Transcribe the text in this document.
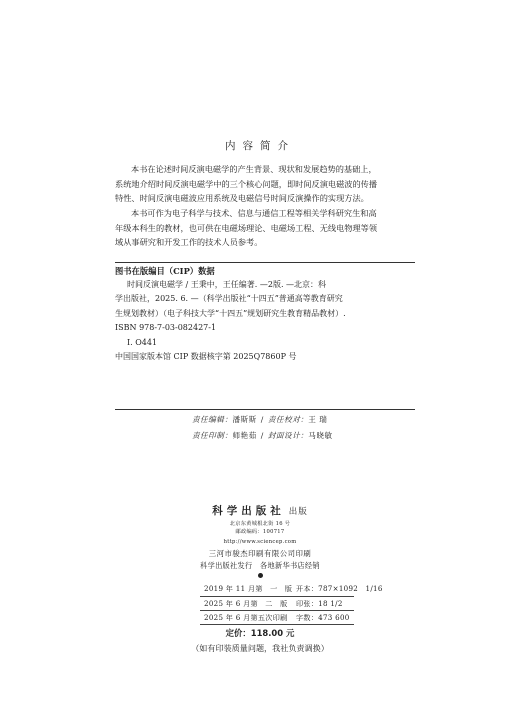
内容简介
本书在论述时间反演电磁学的产生背景、现状和发展趋势的基础上，
系统地介绍时间反演电磁学中的三个核心问题，即时间反演电磁波的传播
特性、时间反演电磁波应用系统及电磁信号时间反演操作的实现方法。
本书可作为电子科学与技术、信息与通信工程等相关学科研究生和高
年级本科生的教材，也可供在电磁场理论、电磁场工程、无线电物理等领
域从事研究和开发工作的技术人员参考。
图书在版编目（CIP）数据
时间反演电磁学 / 王秉中，王任编著. —2版. —北京：科
学出版社，2025. 6. —（科学出版社“十四五”普通高等教育研究
生规划教材）（电子科技大学“十四五”规划研究生教育精品教材）.
ISBN 978-7-03-082427-1
Ⅰ. O441
中国国家版本馆 CIP 数据核字第 2025Q7860P 号
责任编辑：潘斯斯 / 责任校对：王 瑞
责任印制：师艳茹 / 封面设计：马晓敏
科学出版社 出版
北京东黄城根北街 16 号
邮政编码：100717
http://www.sciencep.com
三河市骏杰印刷有限公司印刷
科学出版社发行　各地新华书店经销
2019 年 11 月第　一　版 开本：787×1092　1/16
2025 年 6 月第　二　版 印张：18 1/2
2025 年 6 月第五次印刷 字数：473 600
定价：118.00 元
（如有印装质量问题，我社负责调换）
